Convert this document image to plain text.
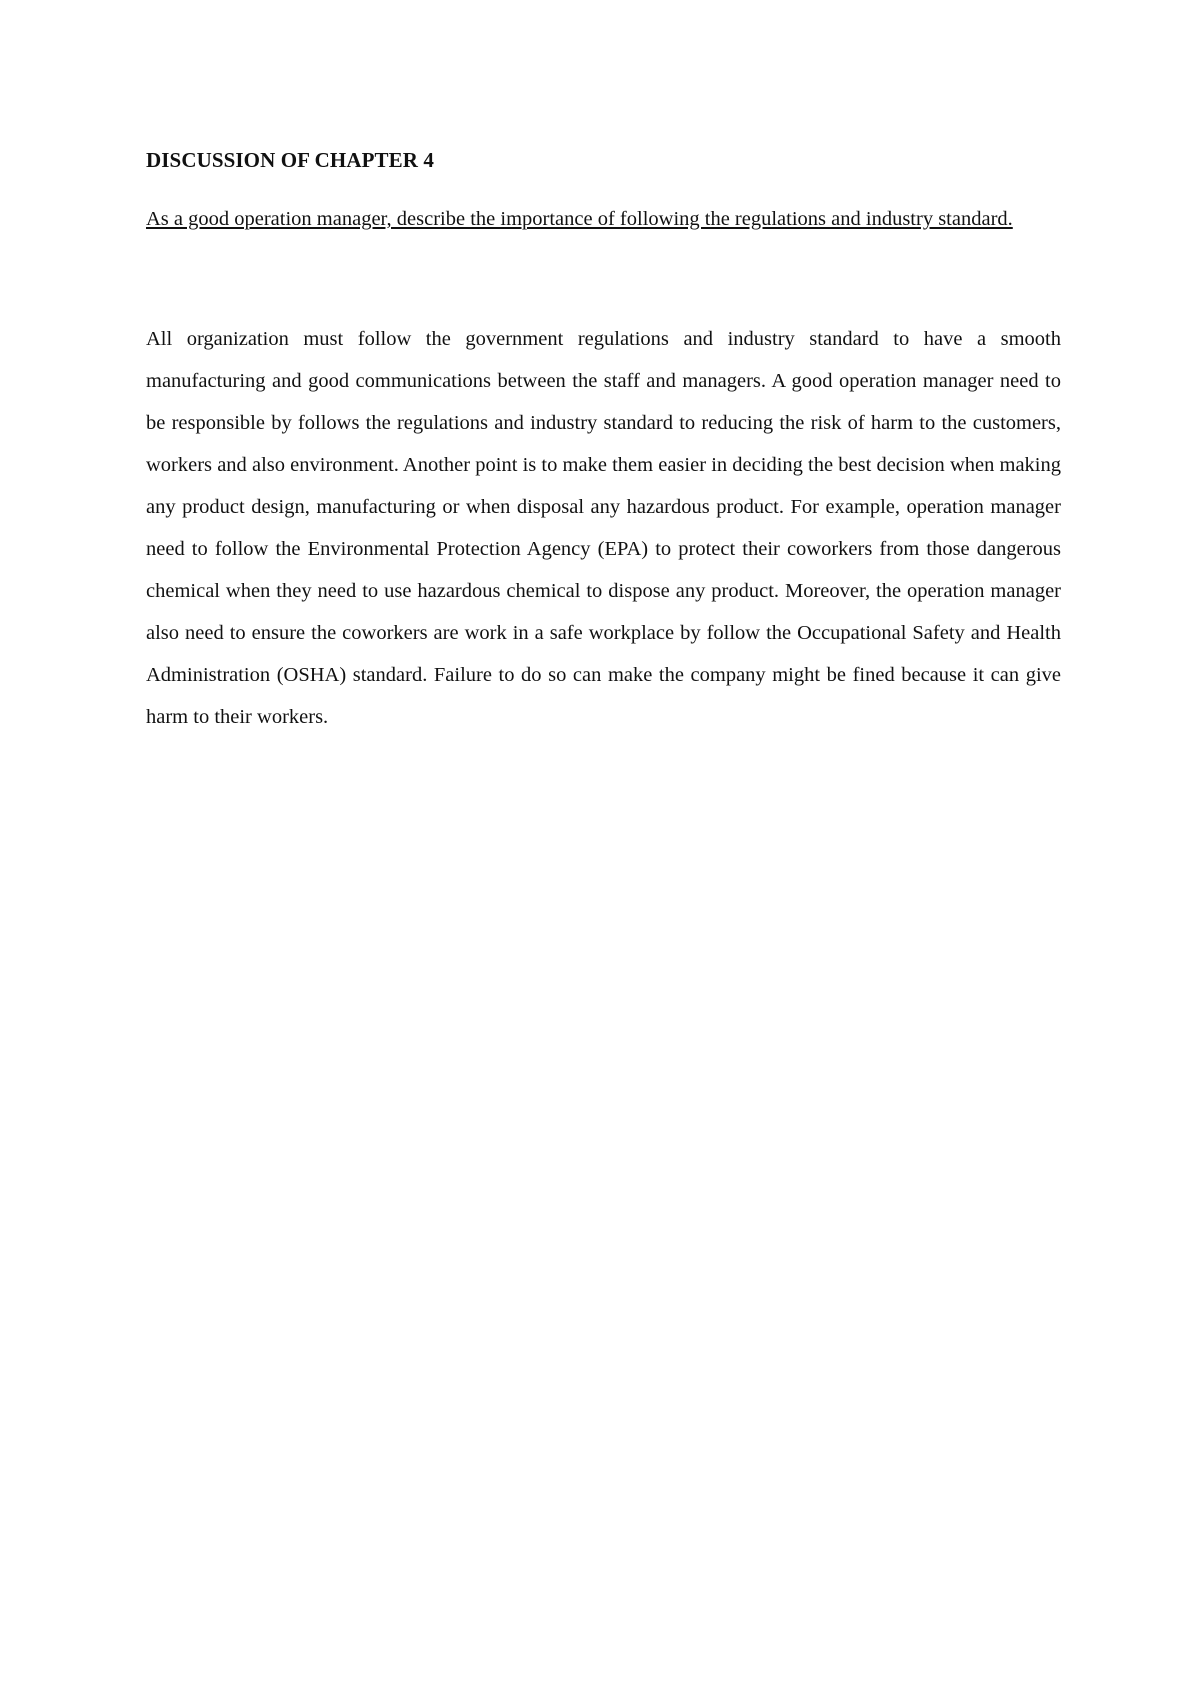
DISCUSSION OF CHAPTER 4

As a good operation manager, describe the importance of following the regulations and industry standard.

All organization must follow the government regulations and industry standard to have a smooth manufacturing and good communications between the staff and managers. A good operation manager need to be responsible by follows the regulations and industry standard to reducing the risk of harm to the customers, workers and also environment. Another point is to make them easier in deciding the best decision when making any product design, manufacturing or when disposal any hazardous product. For example, operation manager need to follow the Environmental Protection Agency (EPA) to protect their coworkers from those dangerous chemical when they need to use hazardous chemical to dispose any product. Moreover, the operation manager also need to ensure the coworkers are work in a safe workplace by follow the Occupational Safety and Health Administration (OSHA) standard. Failure to do so can make the company might be fined because it can give harm to their workers.
